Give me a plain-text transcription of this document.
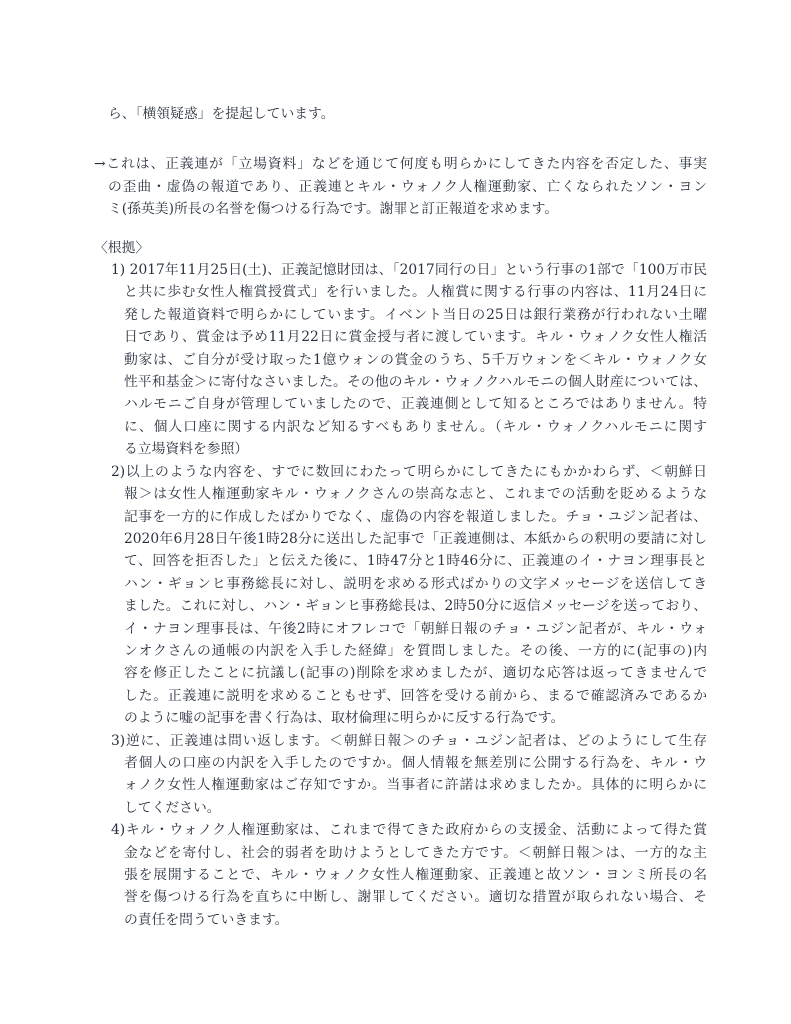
ら、「横領疑惑」を提起しています。
→これは、正義連が「立場資料」などを通じて何度も明らかにしてきた内容を否定した、事実
の歪曲・虚偽の報道であり、正義連とキル・ウォノク人権運動家、亡くなられたソン・ヨン
ミ(孫英美)所長の名誉を傷つける行為です。謝罪と訂正報道を求めます。
〈根拠〉
1) 2017年11月25日(土)、正義記憶財団は、「2017同行の日」という行事の1部で「100万市民
と共に歩む女性人権賞授賞式」を行いました。人権賞に関する行事の内容は、11月24日に
発した報道資料で明らかにしています。イベント当日の25日は銀行業務が行われない土曜
日であり、賞金は予め11月22日に賞金授与者に渡しています。キル・ウォノク女性人権活
動家は、ご自分が受け取った1億ウォンの賞金のうち、5千万ウォンを＜キル・ウォノク女
性平和基金＞に寄付なさいました。その他のキル・ウォノクハルモニの個人財産については、
ハルモニご自身が管理していましたので、正義連側として知るところではありません。特
に、個人口座に関する内訳など知るすべもありません。（キル・ウォノクハルモニに関す
る立場資料を参照）
2)以上のような内容を、すでに数回にわたって明らかにしてきたにもかかわらず、＜朝鮮日
報＞は女性人権運動家キル・ウォノクさんの崇高な志と、これまでの活動を貶めるような
記事を一方的に作成したばかりでなく、虚偽の内容を報道しました。チョ・ユジン記者は、
2020年6月28日午後1時28分に送出した記事で「正義連側は、本紙からの釈明の要請に対し
て、回答を拒否した」と伝えた後に、1時47分と1時46分に、正義連のイ・ナヨン理事長と
ハン・ギョンヒ事務総長に対し、説明を求める形式ばかりの文字メッセージを送信してき
ました。これに対し、ハン・ギョンヒ事務総長は、2時50分に返信メッセージを送っており、
イ・ナヨン理事長は、午後2時にオフレコで「朝鮮日報のチョ・ユジン記者が、キル・ウォ
ンオクさんの通帳の内訳を入手した経緯」を質問しました。その後、一方的に(記事の)内
容を修正したことに抗議し(記事の)削除を求めましたが、適切な応答は返ってきませんで
した。正義連に説明を求めることもせず、回答を受ける前から、まるで確認済みであるか
のように嘘の記事を書く行為は、取材倫理に明らかに反する行為です。
3)逆に、正義連は問い返します。＜朝鮮日報＞のチョ・ユジン記者は、どのようにして生存
者個人の口座の内訳を入手したのですか。個人情報を無差別に公開する行為を、キル・ウ
ォノク女性人権運動家はご存知ですか。当事者に許諾は求めましたか。具体的に明らかに
してください。
4)キル・ウォノク人権運動家は、これまで得てきた政府からの支援金、活動によって得た賞
金などを寄付し、社会的弱者を助けようとしてきた方です。＜朝鮮日報＞は、一方的な主
張を展開することで、キル・ウォノク女性人権運動家、正義連と故ソン・ヨンミ所長の名
誉を傷つける行為を直ちに中断し、謝罪してください。適切な措置が取られない場合、そ
の責任を問うていきます。
